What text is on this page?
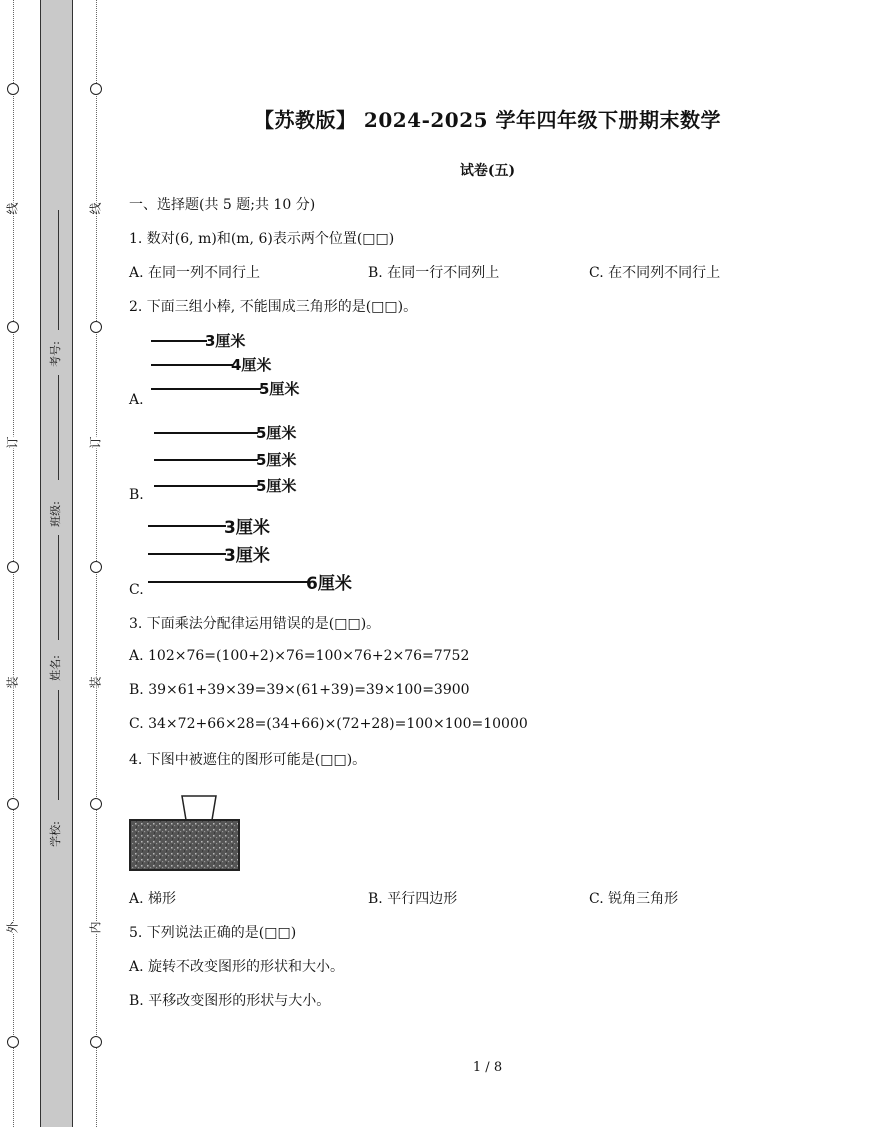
线
订
装
外
线
订
装
内
考号:
班级:
姓名:
学校:
【苏教版】 2024-2025 学年四年级下册期末数学
试卷(五)
一、选择题(共 5 题;共 10 分)
1. 数对(6, m)和(m, 6)表示两个位置(□□)
A. 在同一列不同行上	B. 在同一行不同列上	C. 在不同列不同行上
2. 下面三组小棒, 不能围成三角形的是(□□)。
3厘米
4厘米
5厘米
A.
5厘米
5厘米
5厘米
B.
3厘米
3厘米
6厘米
C.
3. 下面乘法分配律运用错误的是(□□)。
A. 102×76=(100+2)×76=100×76+2×76=7752
B. 39×61+39×39=39×(61+39)=39×100=3900
C. 34×72+66×28=(34+66)×(72+28)=100×100=10000
4. 下图中被遮住的图形可能是(□□)。
A. 梯形	B. 平行四边形	C. 锐角三角形
5. 下列说法正确的是(□□)
A. 旋转不改变图形的形状和大小。
B. 平移改变图形的形状与大小。
1 / 8
